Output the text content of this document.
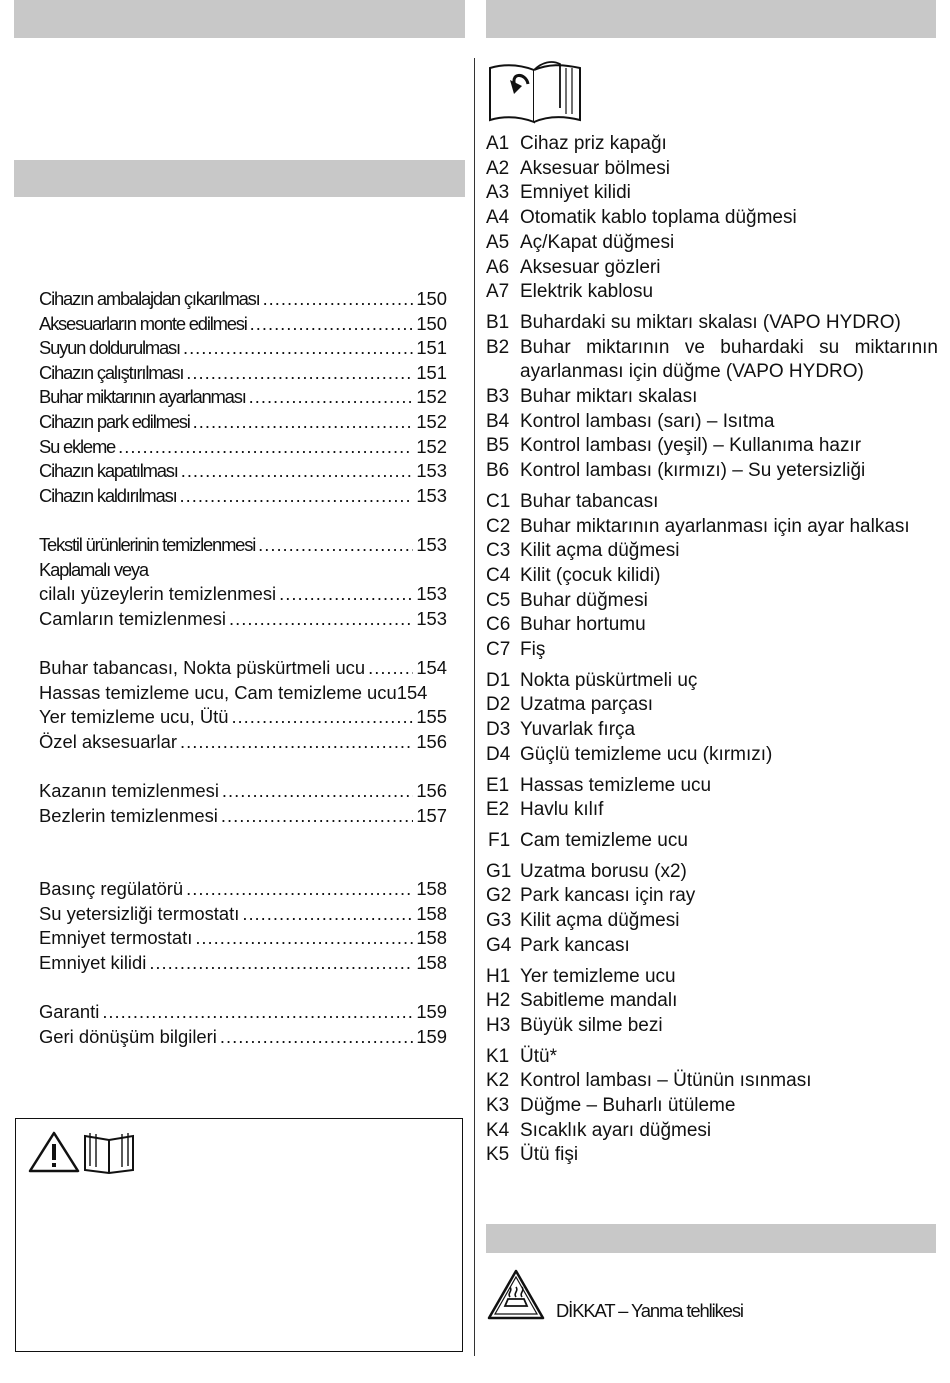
Cihazın ambalajdan çıkarılması .....	150
Aksesuarların monte edilmesi .....	150
Suyun doldurulması .....	151
Cihazın çalıştırılması .....	151
Buhar miktarının ayarlanması .....	152
Cihazın park edilmesi .....	152
Su ekleme .....	152
Cihazın kapatılması .....	153
Cihazın kaldırılması .....	153
Tekstil ürünlerinin temizlenmesi .....	153
Kaplamalı veya
cilalı yüzeylerin temizlenmesi .....	153
Camların temizlenmesi .....	153
Buhar tabancası, Nokta püskürtmeli ucu .....	154
Hassas temizleme ucu, Cam temizleme ucu 154
Yer temizleme ucu, Ütü .....	155
Özel aksesuarlar .....	156
Kazanın temizlenmesi .....	156
Bezlerin temizlenmesi .....	157
Basınç regülatörü .....	158
Su yetersizliği termostatı .....	158
Emniyet termostatı .....	158
Emniyet kilidi .....	158
Garanti .....	159
Geri dönüşüm bilgileri .....	159
A1 Cihaz priz kapağı
A2 Aksesuar bölmesi
A3 Emniyet kilidi
A4 Otomatik kablo toplama düğmesi
A5 Aç/Kapat düğmesi
A6 Aksesuar gözleri
A7 Elektrik kablosu
B1 Buhardaki su miktarı skalası (VAPO HYDRO)
B2 Buhar miktarının ve buhardaki su miktarının ayarlanması için düğme (VAPO HYDRO)
B3 Buhar miktarı skalası
B4 Kontrol lambası (sarı) – Isıtma
B5 Kontrol lambası (yeşil) – Kullanıma hazır
B6 Kontrol lambası (kırmızı) – Su yetersizliği
C1 Buhar tabancası
C2 Buhar miktarının ayarlanması için ayar halkası
C3 Kilit açma düğmesi
C4 Kilit (çocuk kilidi)
C5 Buhar düğmesi
C6 Buhar hortumu
C7 Fiş
D1 Nokta püskürtmeli uç
D2 Uzatma parçası
D3 Yuvarlak fırça
D4 Güçlü temizleme ucu (kırmızı)
E1 Hassas temizleme ucu
E2 Havlu kılıf
F1 Cam temizleme ucu
G1 Uzatma borusu (x2)
G2 Park kancası için ray
G3 Kilit açma düğmesi
G4 Park kancası
H1 Yer temizleme ucu
H2 Sabitleme mandalı
H3 Büyük silme bezi
K1 Ütü*
K2 Kontrol lambası – Ütünün ısınması
K3 Düğme – Buharlı ütüleme
K4 Sıcaklık ayarı düğmesi
K5 Ütü fişi
DİKKAT – Yanma tehlikesi
